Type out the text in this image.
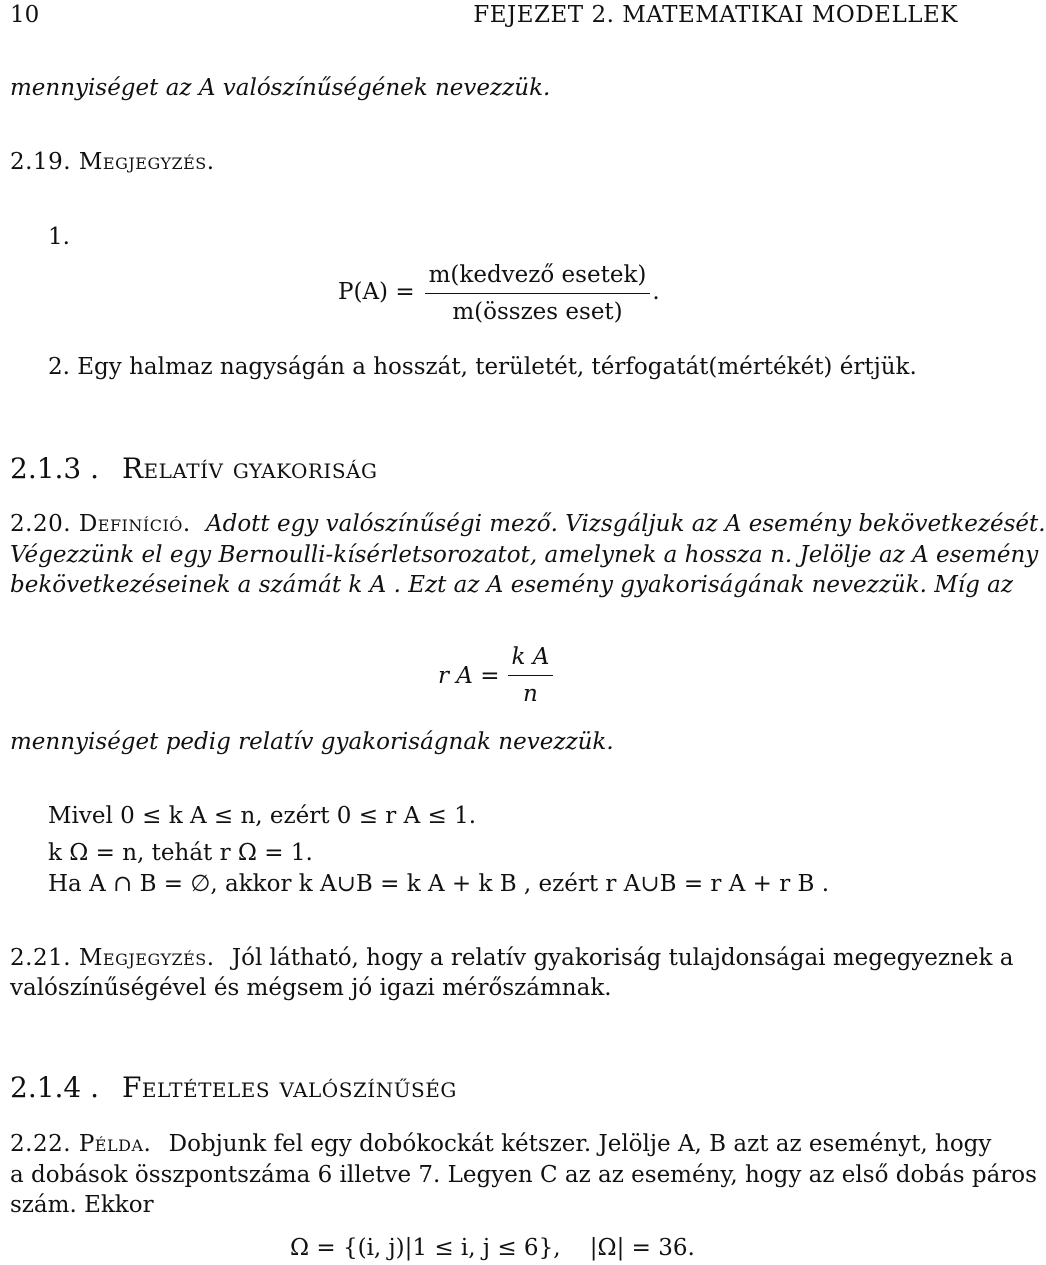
10	FEJEZET 2. MATEMATIKAI MODELLEK
mennyiséget az A valószínűségének nevezzük.
2.19. Megjegyzés.
1.
$P(A) = \frac{\text{m(kedvező esetek)}}{\text{m(összes eset)}}$ .
2. Egy halmaz nagyságán a hosszát, területét, térfogatát(mértékét) értjük.
2.1.3 . Relatív gyakoriság
2.20. Definíció. Adott egy valószínűségi mező. Vizsgáljuk az A esemény bekövetkezését.
Végezzünk el egy Bernoulli-kísérletsorozatot, amelynek a hossza n. Jelölje az A esemény
bekövetkezéseinek a számát k A . Ezt az A esemény gyakoriságának nevezzük. Míg az
r $A = \frac{\text{k A}}{n}$
mennyiséget pedig relatív gyakoriságnak nevezzük.
Mivel 0 ≤ k A ≤ n, ezért 0 ≤ r A ≤ 1.
k Ω = n, tehát r Ω = 1.
Ha A ∩ B = ∅, akkor k A∪B = k A + k B , ezért r A∪B = r A + r B .
2.21. Megjegyzés. Jól látható, hogy a relatív gyakoriság tulajdonságai megegyeznek a
valószínűségével és mégsem jó igazi mérőszámnak.
2.1.4 . Feltételes valószínűség
2.22. Példa. Dobjunk fel egy dobókockát kétszer. Jelölje A, B azt az eseményt, hogy
a dobások összpontszáma 6 illetve 7. Legyen C az az esemény, hogy az első dobás páros
szám. Ekkor
Ω = {(i, j)|1 ≤ i, j ≤ 6},    |Ω| = 36.
